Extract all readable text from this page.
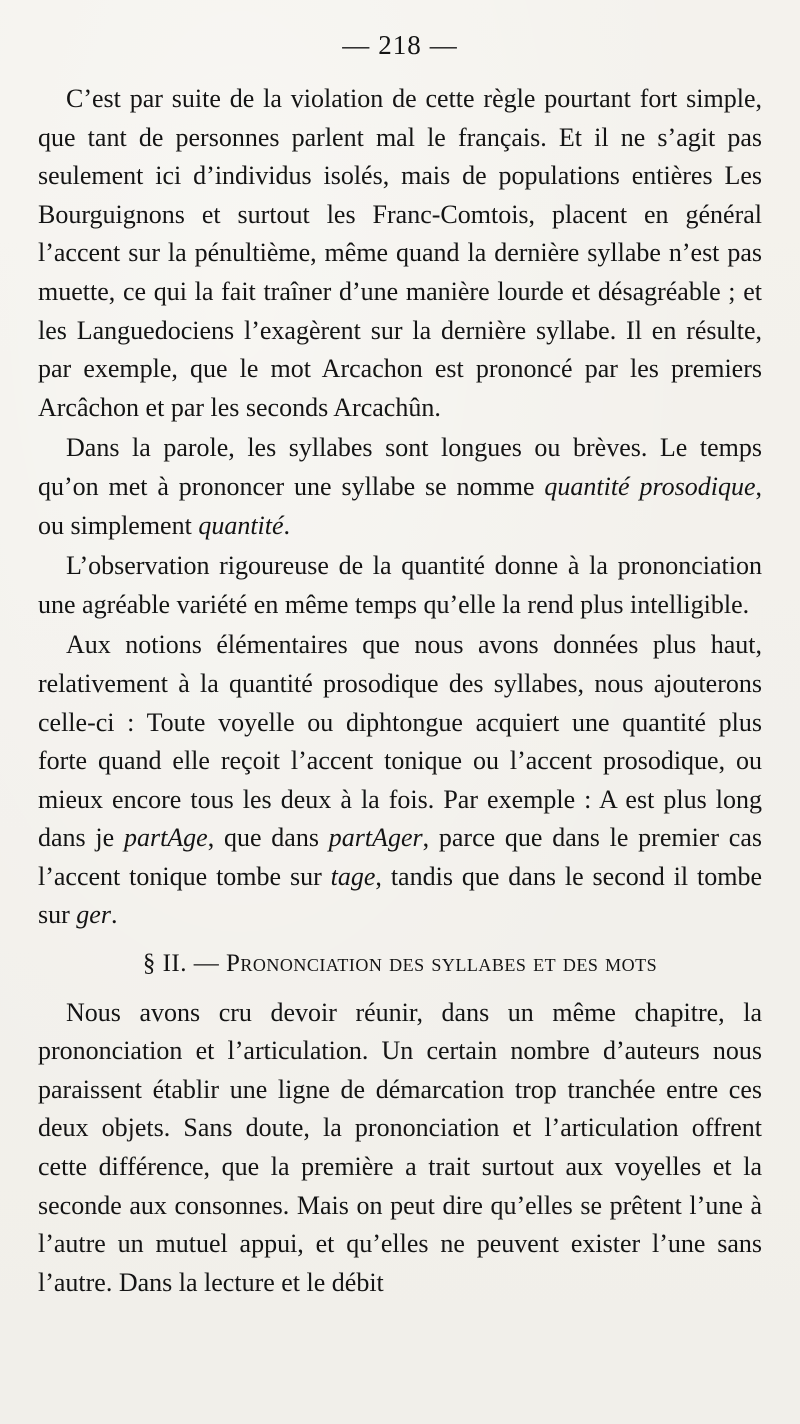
— 218 —

C’est par suite de la violation de cette règle pourtant fort simple, que tant de personnes parlent mal le français. Et il ne s’agit pas seulement ici d’individus isolés, mais de populations entières Les Bourguignons et surtout les Franc-Comtois, placent en général l’accent sur la pénultième, même quand la dernière syllabe n’est pas muette, ce qui la fait traîner d’une manière lourde et désagréable ; et les Languedociens l’exagèrent sur la dernière syllabe. Il en résulte, par exemple, que le mot Arcachon est prononcé par les premiers Arcâchon et par les seconds Arcachûn.

Dans la parole, les syllabes sont longues ou brèves. Le temps qu’on met à prononcer une syllabe se nomme quantité prosodique, ou simplement quantité.

L’observation rigoureuse de la quantité donne à la prononciation une agréable variété en même temps qu’elle la rend plus intelligible.

Aux notions élémentaires que nous avons données plus haut, relativement à la quantité prosodique des syllabes, nous ajouterons celle-ci : Toute voyelle ou diphtongue acquiert une quantité plus forte quand elle reçoit l’accent tonique ou l’accent prosodique, ou mieux encore tous les deux à la fois. Par exemple : A est plus long dans je partAge, que dans partAger, parce que dans le premier cas l’accent tonique tombe sur tage, tandis que dans le second il tombe sur ger.

§ II. — Prononciation des syllabes et des mots

Nous avons cru devoir réunir, dans un même chapitre, la prononciation et l’articulation. Un certain nombre d’auteurs nous paraissent établir une ligne de démarcation trop tranchée entre ces deux objets. Sans doute, la prononciation et l’articulation offrent cette différence, que la première a trait surtout aux voyelles et la seconde aux consonnes. Mais on peut dire qu’elles se prêtent l’une à l’autre un mutuel appui, et qu’elles ne peuvent exister l’une sans l’autre. Dans la lecture et le débit
